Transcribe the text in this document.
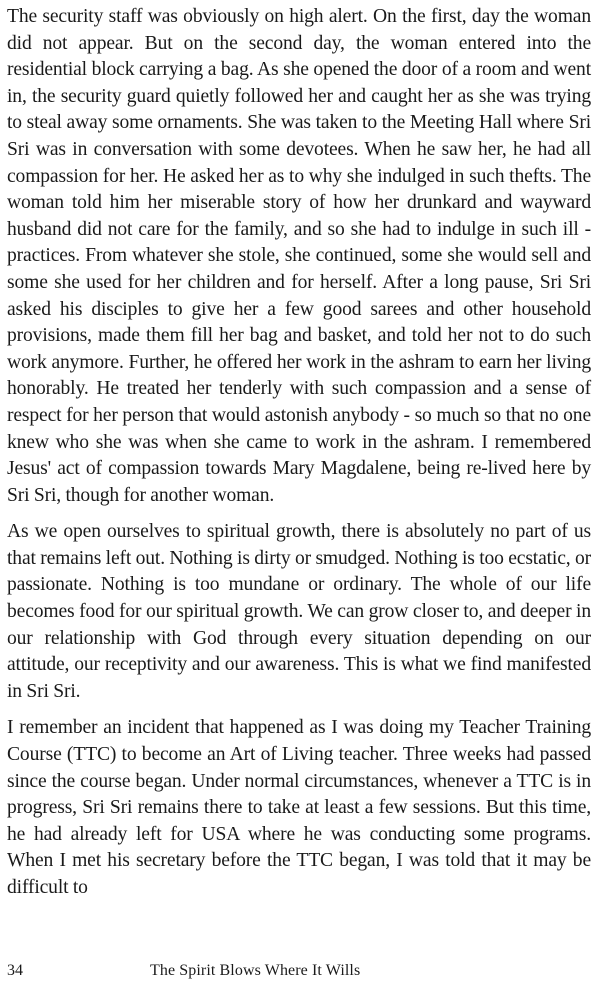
The security staff was obviously on high alert. On the first, day the woman did not appear. But on the second day, the woman entered into the residential block carrying a bag. As she opened the door of a room and went in, the security guard quietly followed her and caught her as she was trying to steal away some ornaments. She was taken to the Meeting Hall where Sri Sri was in conversation with some devotees. When he saw her, he had all compassion for her. He asked her as to why she indulged in such thefts. The woman told him her miserable story of how her drunkard and wayward husband did not care for the family, and so she had to indulge in such ill - practices. From whatever she stole, she continued, some she would sell and some she used for her children and for herself. After a long pause, Sri Sri asked his disciples to give her a few good sarees and other household provisions, made them fill her bag and basket, and told her not to do such work anymore. Further, he offered her work in the ashram to earn her living honorably. He treated her tenderly with such compassion and a sense of respect for her person that would astonish anybody - so much so that no one knew who she was when she came to work in the ashram. I remembered Jesus' act of compassion towards Mary Magdalene, being re-lived here by Sri Sri, though for another woman.

As we open ourselves to spiritual growth, there is absolutely no part of us that remains left out. Nothing is dirty or smudged. Nothing is too ecstatic, or passionate. Nothing is too mundane or ordinary. The whole of our life becomes food for our spiritual growth. We can grow closer to, and deeper in our relationship with God through every situation depending on our attitude, our receptivity and our awareness. This is what we find manifested in Sri Sri.

I remember an incident that happened as I was doing my Teacher Training Course (TTC) to become an Art of Living teacher. Three weeks had passed since the course began. Under normal circumstances, whenever a TTC is in progress, Sri Sri remains there to take at least a few sessions. But this time, he had already left for USA where he was conducting some programs. When I met his secretary before the TTC began, I was told that it may be difficult to

34	The Spirit Blows Where It Wills
